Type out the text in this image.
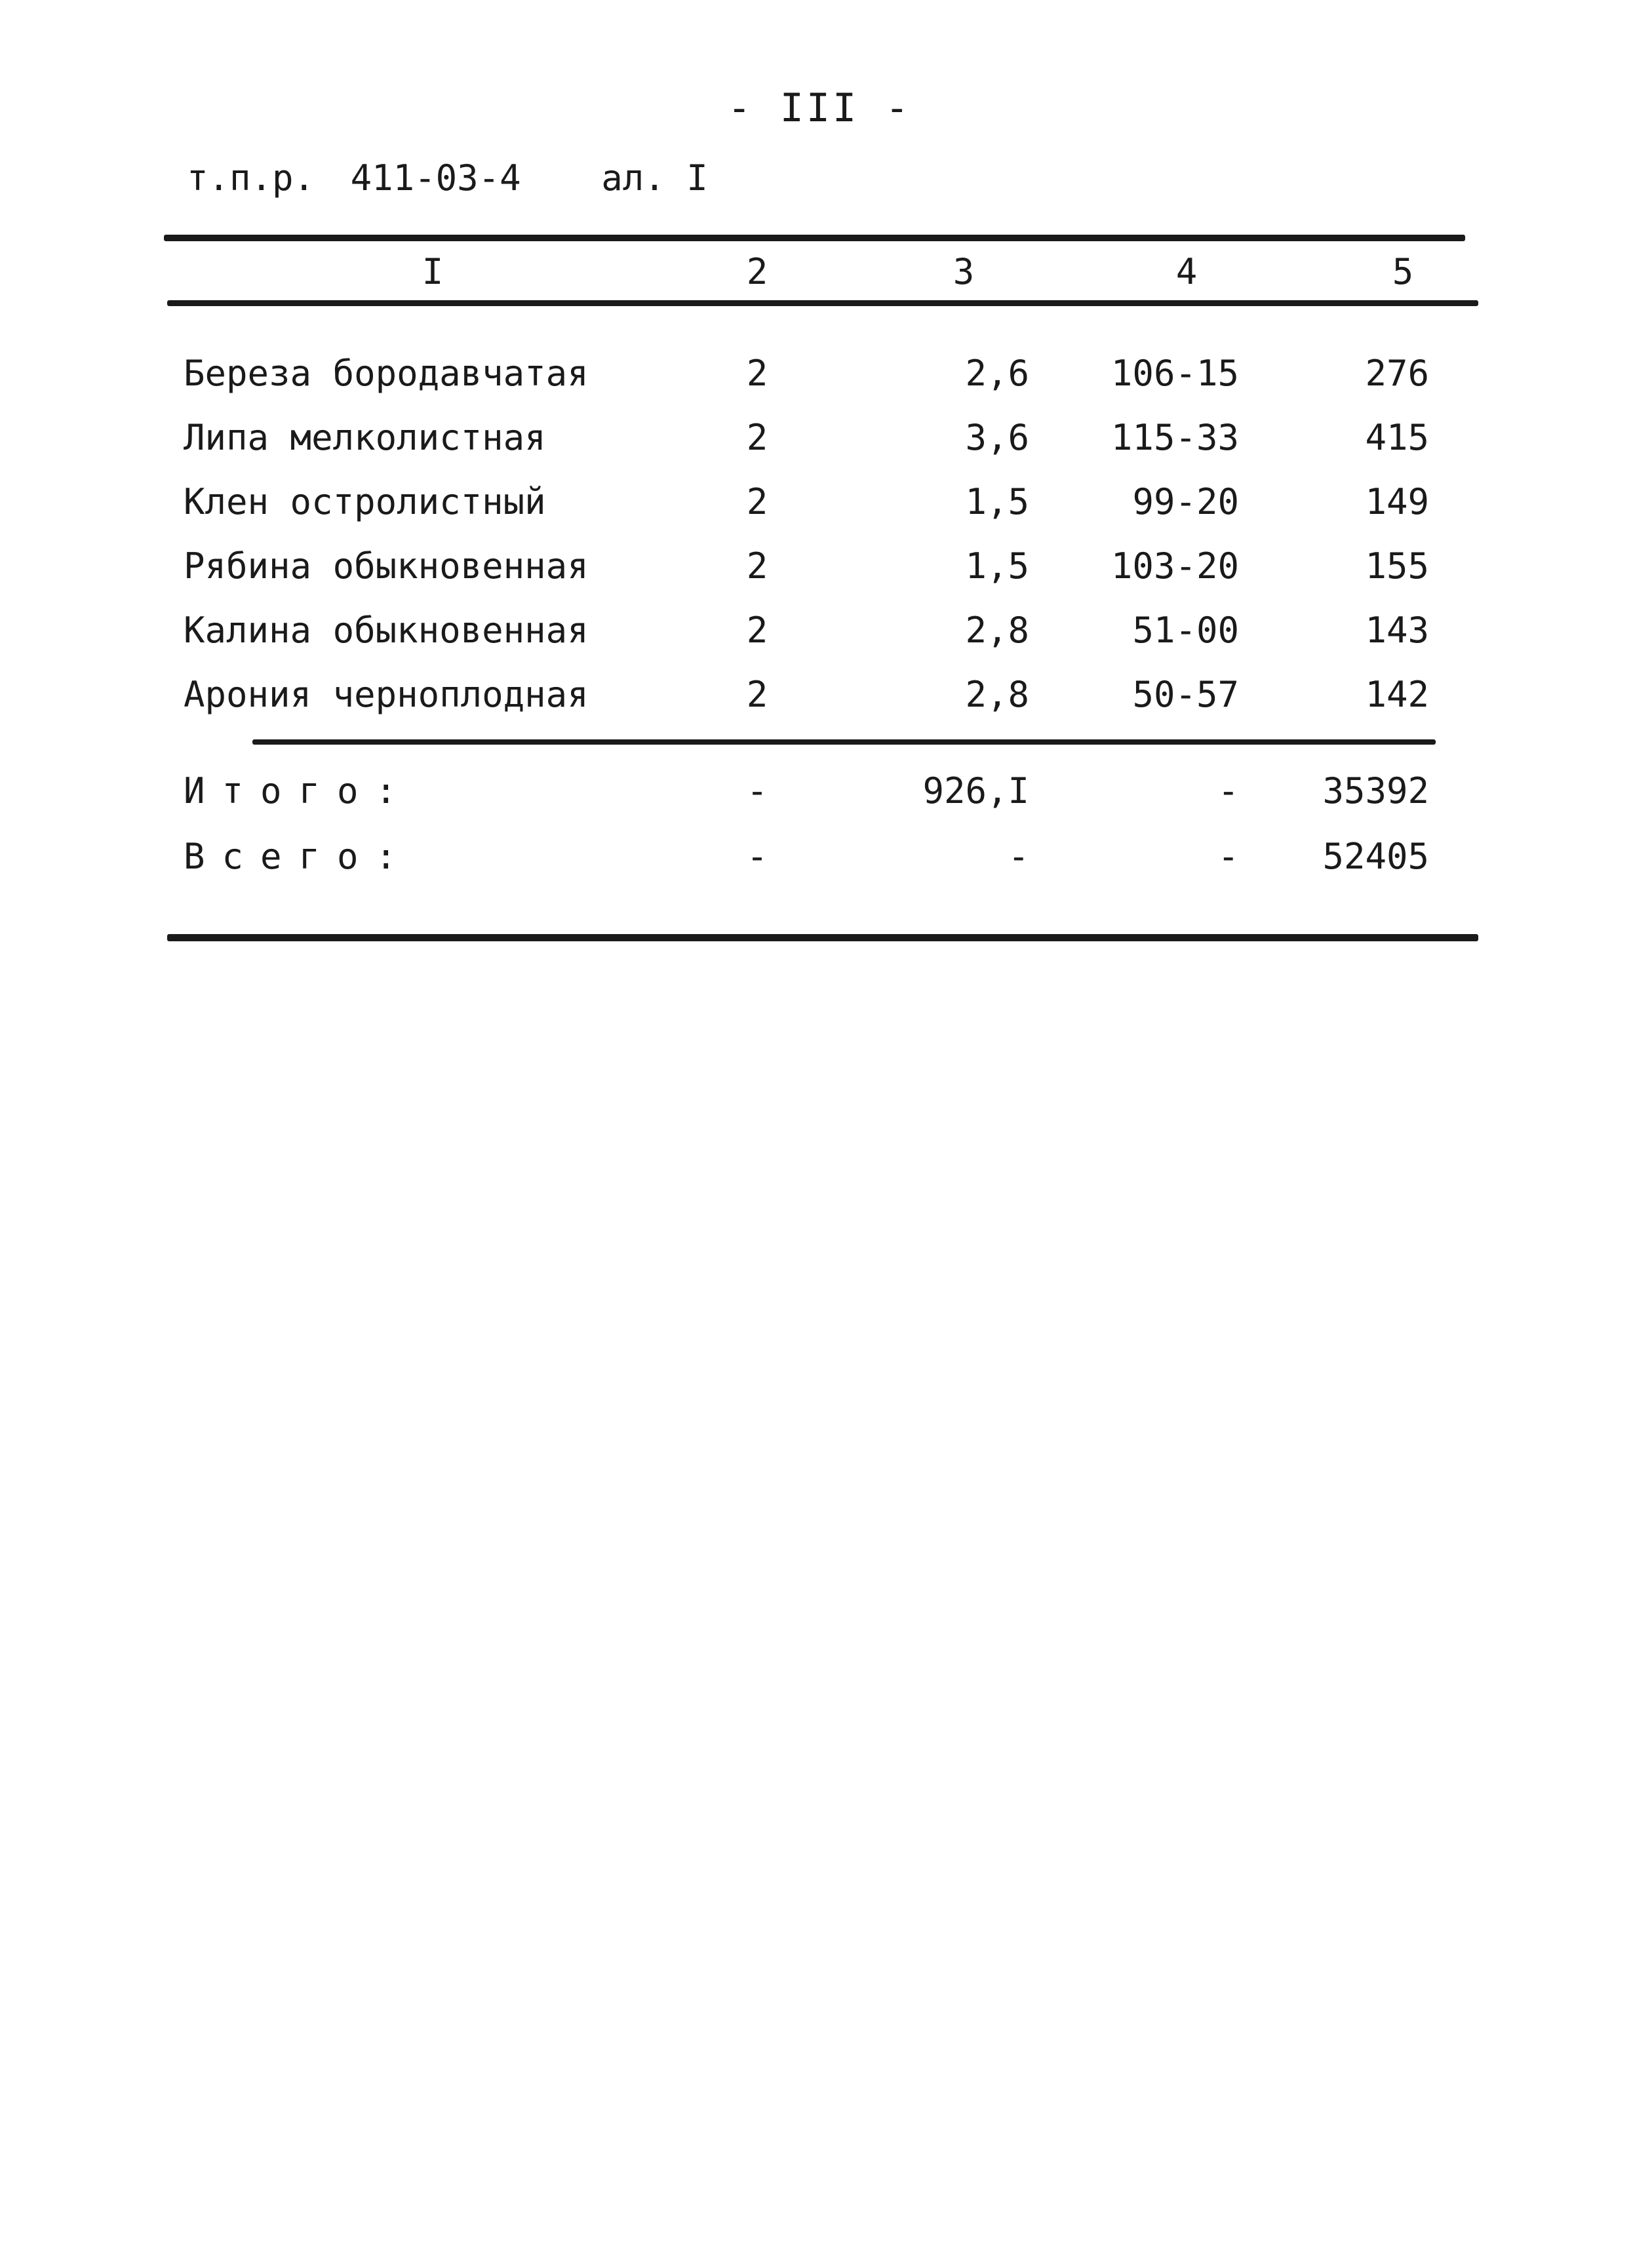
- III -
т.п.р. 411-03-4 ал. I
I	2	3	4	5
Береза бородавчатая	2	2,6	106-15	276
Липа мелколистная	2	3,6	115-33	415
Клен остролистный	2	1,5	99-20	149
Рябина обыкновенная	2	1,5	103-20	155
Калина обыкновенная	2	2,8	51-00	143
Арония черноплодная	2	2,8	50-57	142
Итого:	-	926,I	-	35392
Всего:	-	-	-	52405
